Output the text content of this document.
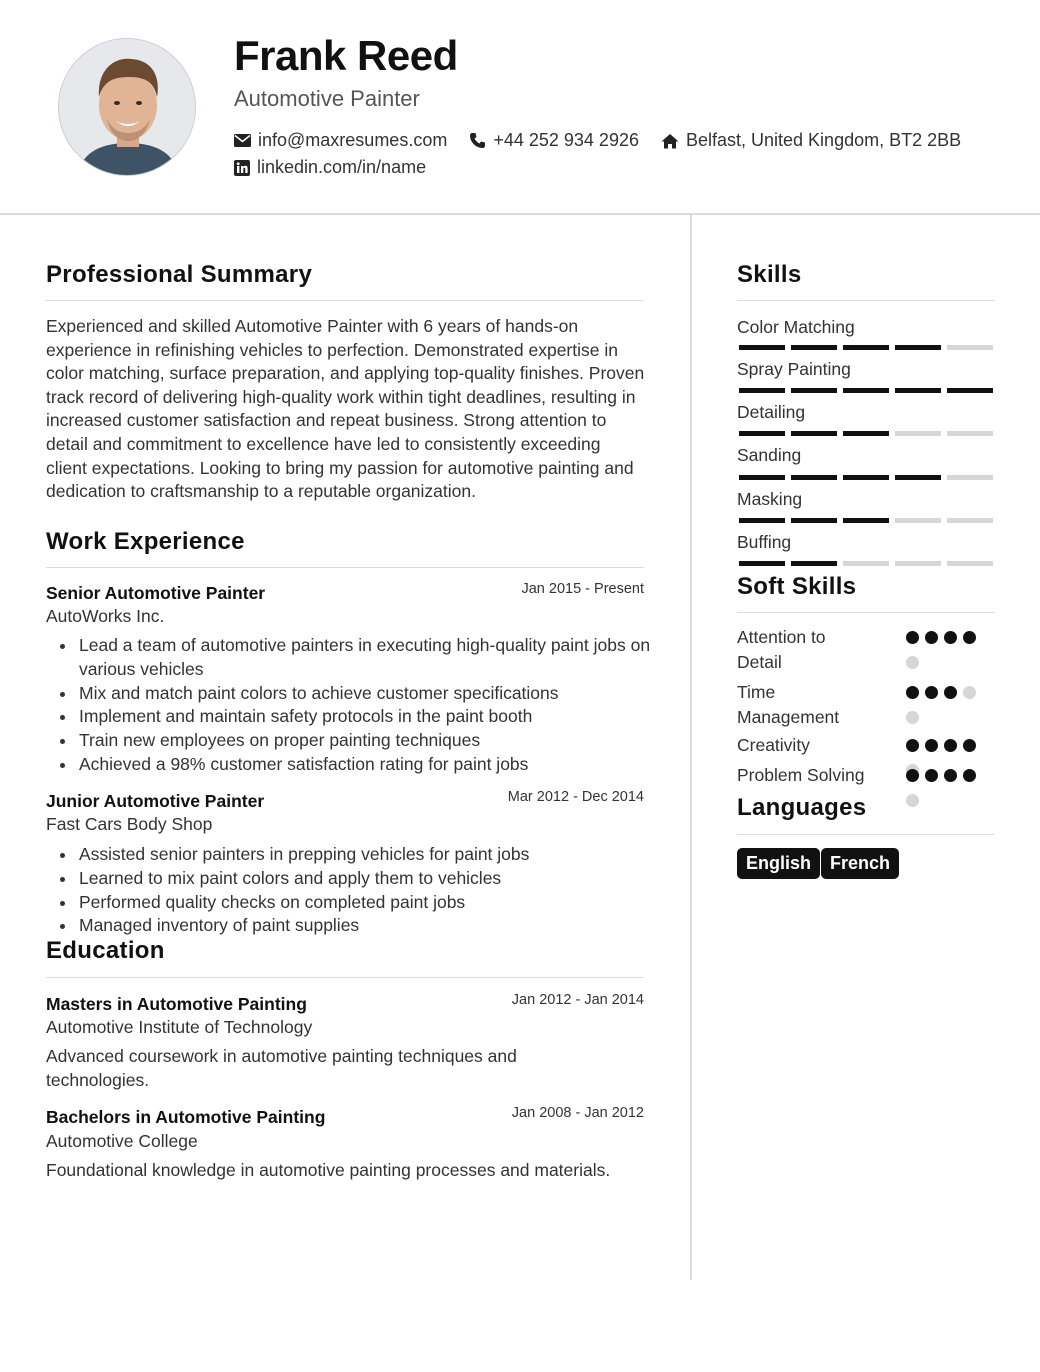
Frank Reed
Automotive Painter
info@maxresumes.com	+44 252 934 2926	Belfast, United Kingdom, BT2 2BB
linkedin.com/in/name
Professional Summary
Experienced and skilled Automotive Painter with 6 years of hands-on experience in refinishing vehicles to perfection. Demonstrated expertise in color matching, surface preparation, and applying top-quality finishes. Proven track record of delivering high-quality work within tight deadlines, resulting in increased customer satisfaction and repeat business. Strong attention to detail and commitment to excellence have led to consistently exceeding client expectations. Looking to bring my passion for automotive painting and dedication to craftsmanship to a reputable organization.
Work Experience
Senior Automotive Painter	Jan 2015 - Present
AutoWorks Inc.
Lead a team of automotive painters in executing high-quality paint jobs on various vehicles
Mix and match paint colors to achieve customer specifications
Implement and maintain safety protocols in the paint booth
Train new employees on proper painting techniques
Achieved a 98% customer satisfaction rating for paint jobs
Junior Automotive Painter	Mar 2012 - Dec 2014
Fast Cars Body Shop
Assisted senior painters in prepping vehicles for paint jobs
Learned to mix paint colors and apply them to vehicles
Performed quality checks on completed paint jobs
Managed inventory of paint supplies
Education
Masters in Automotive Painting	Jan 2012 - Jan 2014
Automotive Institute of Technology
Advanced coursework in automotive painting techniques and technologies.
Bachelors in Automotive Painting	Jan 2008 - Jan 2012
Automotive College
Foundational knowledge in automotive painting processes and materials.
Skills
Color Matching
Spray Painting
Detailing
Sanding
Masking
Buffing
Soft Skills
Attention to Detail
Time Management
Creativity
Problem Solving
Languages
English	French
